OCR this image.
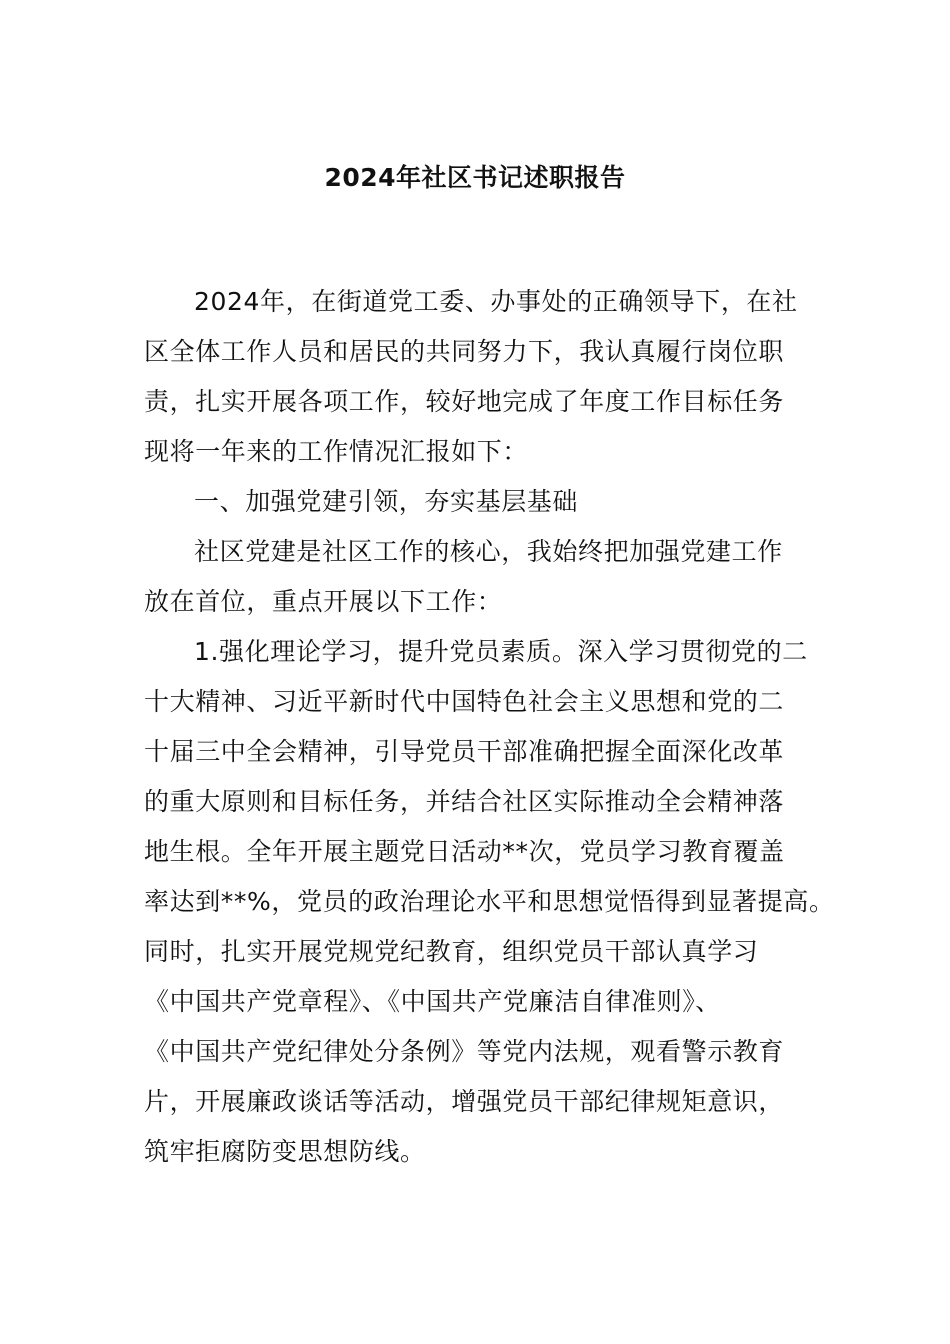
2024年社区书记述职报告
2024年，在街道党工委、办事处的正确领导下，在社
区全体工作人员和居民的共同努力下，我认真履行岗位职
责，扎实开展各项工作，较好地完成了年度工作目标任务
现将一年来的工作情况汇报如下：
一、加强党建引领，夯实基层基础
社区党建是社区工作的核心，我始终把加强党建工作
放在首位，重点开展以下工作：
1.强化理论学习，提升党员素质。深入学习贯彻党的二
十大精神、习近平新时代中国特色社会主义思想和党的二
十届三中全会精神，引导党员干部准确把握全面深化改革
的重大原则和目标任务，并结合社区实际推动全会精神落
地生根。全年开展主题党日活动**次，党员学习教育覆盖
率达到**%，党员的政治理论水平和思想觉悟得到显著提高。
同时，扎实开展党规党纪教育，组织党员干部认真学习
《中国共产党章程》、《中国共产党廉洁自律准则》、
《中国共产党纪律处分条例》等党内法规，观看警示教育
片，开展廉政谈话等活动，增强党员干部纪律规矩意识，
筑牢拒腐防变思想防线。
